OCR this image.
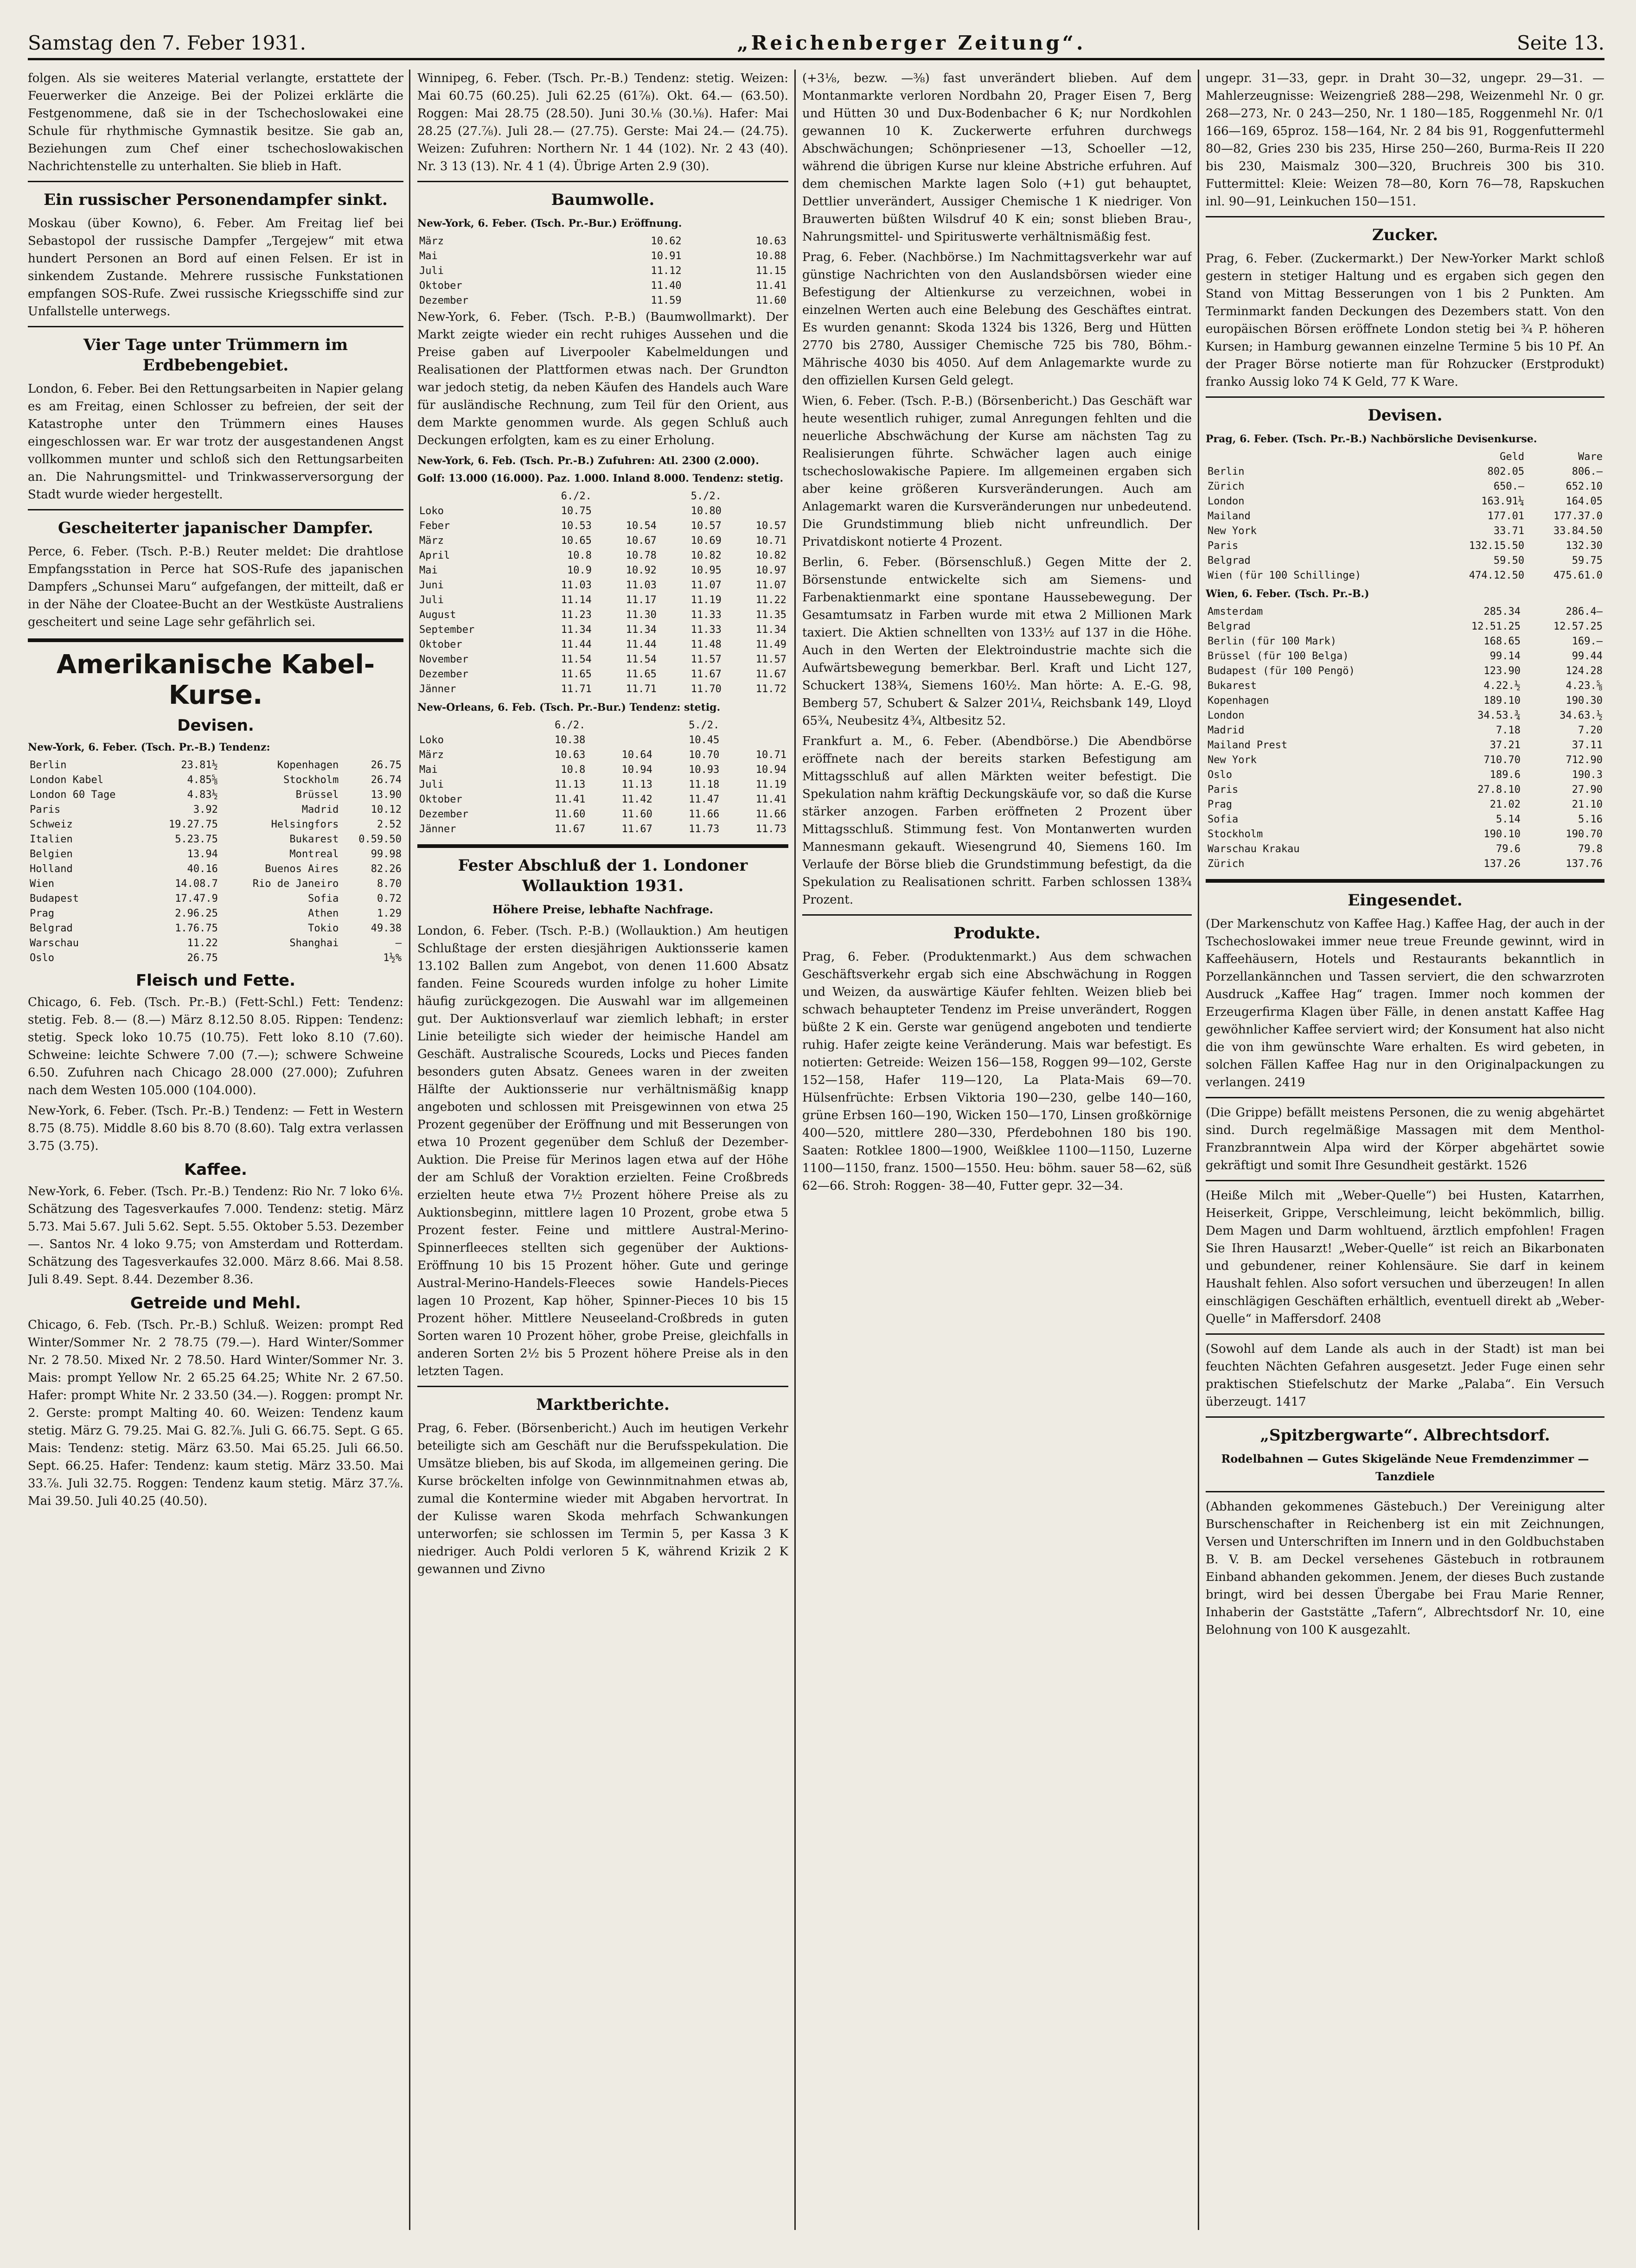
Samstag den 7. Feber 1931.	„Reichenberger Zeitung“.	Seite 13.

folgen. Als sie weiteres Material verlangte, erstattete der Feuerwerker die Anzeige. Bei der Polizei erklärte die Festgenommene, daß sie in der Tschechoslowakei eine Schule für rhythmische Gymnastik besitze. Sie gab an, Beziehungen zum Chef einer tschechoslowakischen Nachrichtenstelle zu unterhalten. Sie blieb in Haft.

Ein russischer Personendampfer sinkt.

Moskau (über Kowno), 6. Feber. Am Freitag lief bei Sebastopol der russische Dampfer „Tergejew“ mit etwa hundert Personen an Bord auf einen Felsen. Er ist in sinkendem Zustande. Mehrere russische Funkstationen empfangen SOS-Rufe. Zwei russische Kriegsschiffe sind zur Unfallstelle unterwegs.

Vier Tage unter Trümmern im Erdbebengebiet.

London, 6. Feber. Bei den Rettungsarbeiten in Napier gelang es am Freitag, einen Schlosser zu befreien, der seit der Katastrophe unter den Trümmern eines Hauses eingeschlossen war. Er war trotz der ausgestandenen Angst vollkommen munter und schloß sich den Rettungsarbeiten an. Die Nahrungsmittel- und Trinkwasserversorgung der Stadt wurde wieder hergestellt.

Gescheiterter japanischer Dampfer.

Perce, 6. Feber. (Tsch. P.-B.) Reuter meldet: Die drahtlose Empfangsstation in Perce hat SOS-Rufe des japanischen Dampfers „Schunsei Maru“ aufgefangen, der mitteilt, daß er in der Nähe der Cloatee-Bucht an der Westküste Australiens gescheitert und seine Lage sehr gefährlich sei.

Amerikanische Kabel-Kurse.
Devisen.
New-York, 6. Feber. (Tsch. Pr.-B.) Tendenz:
Berlin	23.81½	Kopenhagen	26.75
London Kabel	4.85⅝	Stockholm	26.74
London 60 Tage	4.83½	Brüssel	13.90
Paris	3.92	Madrid	10.12
Schweiz	19.27.75	Helsingfors	2.52
Italien	5.23.75	Bukarest	0.59.50
Belgien	13.94	Montreal	99.98
Holland	40.16	Buenos Aires	82.26
Wien	14.08.7	Rio de Janeiro	8.70
Budapest	17.47.9	Sofia	0.72
Prag	2.96.25	Athen	1.29
Belgrad	1.76.75	Tokio	49.38
Warschau	11.22	Shanghai	—
Oslo	26.75		1½%
Fleisch und Fette.

Chicago, 6. Feb. (Tsch. Pr.-B.) (Fett-Schl.) Fett: Tendenz: stetig. Feb. 8.— (8.—) März 8.12.50 8.05. Rippen: Tendenz: stetig. Speck loko 10.75 (10.75). Fett loko 8.10 (7.60). Schweine: leichte Schwere 7.00 (7.—); schwere Schweine 6.50. Zufuhren nach Chicago 28.000 (27.000); Zufuhren nach dem Westen 105.000 (104.000).

New-York, 6. Feber. (Tsch. Pr.-B.) Tendenz: — Fett in Western 8.75 (8.75). Middle 8.60 bis 8.70 (8.60). Talg extra verlassen 3.75 (3.75).

Kaffee.

New-York, 6. Feber. (Tsch. Pr.-B.) Tendenz: Rio Nr. 7 loko 6⅛. Schätzung des Tagesverkaufes 7.000. Tendenz: stetig. März 5.73. Mai 5.67. Juli 5.62. Sept. 5.55. Oktober 5.53. Dezember —. Santos Nr. 4 loko 9.75; von Amsterdam und Rotterdam. Schätzung des Tagesverkaufes 32.000. März 8.66. Mai 8.58. Juli 8.49. Sept. 8.44. Dezember 8.36.

Getreide und Mehl.

Chicago, 6. Feb. (Tsch. Pr.-B.) Schluß. Weizen: prompt Red Winter/Sommer Nr. 2 78.75 (79.—). Hard Winter/Sommer Nr. 2 78.50. Mixed Nr. 2 78.50. Hard Winter/Sommer Nr. 3. Mais: prompt Yellow Nr. 2 65.25 64.25; White Nr. 2 67.50. Hafer: prompt White Nr. 2 33.50 (34.—). Roggen: prompt Nr. 2. Gerste: prompt Malting 40. 60. Weizen: Tendenz kaum stetig. März G. 79.25. Mai G. 82.⅞. Juli G. 66.75. Sept. G 65. Mais: Tendenz: stetig. März 63.50. Mai 65.25. Juli 66.50. Sept. 66.25. Hafer: Tendenz: kaum stetig. März 33.50. Mai 33.⅞. Juli 32.75. Roggen: Tendenz kaum stetig. März 37.⅞. Mai 39.50. Juli 40.25 (40.50).

Winnipeg, 6. Feber. (Tsch. Pr.-B.) Tendenz: stetig. Weizen: Mai 60.75 (60.25). Juli 62.25 (61⅞). Okt. 64.— (63.50). Roggen: Mai 28.75 (28.50). Juni 30.⅛ (30.⅛). Hafer: Mai 28.25 (27.⅞). Juli 28.— (27.75). Gerste: Mai 24.— (24.75). Weizen: Zufuhren: Northern Nr. 1 44 (102). Nr. 2 43 (40). Nr. 3 13 (13). Nr. 4 1 (4). Übrige Arten 2.9 (30).

Baumwolle.
New-York, 6. Feber. (Tsch. Pr.-Bur.) Eröffnung.
März	10.62	10.63
Mai	10.91	10.88
Juli	11.12	11.15
Oktober	11.40	11.41
Dezember	11.59	11.60

New-York, 6. Feber. (Tsch. P.-B.) (Baumwollmarkt). Der Markt zeigte wieder ein recht ruhiges Aussehen und die Preise gaben auf Liverpooler Kabelmeldungen und Realisationen der Plattformen etwas nach. Der Grundton war jedoch stetig, da neben Käufen des Handels auch Ware für ausländische Rechnung, zum Teil für den Orient, aus dem Markte genommen wurde. Als gegen Schluß auch Deckungen erfolgten, kam es zu einer Erholung.

New-York, 6. Feb. (Tsch. Pr.-B.) Zufuhren: Atl. 2300 (2.000). Golf: 13.000 (16.000). Paz. 1.000. Inland 8.000. Tendenz: stetig.
	6./2.		5./2.	
Loko	10.75		10.80	
Feber	10.53	10.54	10.57	10.57
März	10.65	10.67	10.69	10.71
April	10.8	10.78	10.82	10.82
Mai	10.9	10.92	10.95	10.97
Juni	11.03	11.03	11.07	11.07
Juli	11.14	11.17	11.19	11.22
August	11.23	11.30	11.33	11.35
September	11.34	11.34	11.33	11.34
Oktober	11.44	11.44	11.48	11.49
November	11.54	11.54	11.57	11.57
Dezember	11.65	11.65	11.67	11.67
Jänner	11.71	11.71	11.70	11.72
New-Orleans, 6. Feb. (Tsch. Pr.-Bur.) Tendenz: stetig.
	6./2.		5./2.	
Loko	10.38		10.45	
März	10.63	10.64	10.70	10.71
Mai	10.8	10.94	10.93	10.94
Juli	11.13	11.13	11.18	11.19
Oktober	11.41	11.42	11.47	11.41
Dezember	11.60	11.60	11.66	11.66
Jänner	11.67	11.67	11.73	11.73
Fester Abschluß der 1. Londoner Wollauktion 1931.
Höhere Preise, lebhafte Nachfrage.

London, 6. Feber. (Tsch. P.-B.) (Wollauktion.) Am heutigen Schlußtage der ersten diesjährigen Auktionsserie kamen 13.102 Ballen zum Angebot, von denen 11.600 Absatz fanden. Feine Scoureds wurden infolge zu hoher Limite häufig zurückgezogen. Die Auswahl war im allgemeinen gut. Der Auktionsverlauf war ziemlich lebhaft; in erster Linie beteiligte sich wieder der heimische Handel am Geschäft. Australische Scoureds, Locks und Pieces fanden besonders guten Absatz. Genees waren in der zweiten Hälfte der Auktionsserie nur verhältnismäßig knapp angeboten und schlossen mit Preisgewinnen von etwa 25 Prozent gegenüber der Eröffnung und mit Besserungen von etwa 10 Prozent gegenüber dem Schluß der Dezember-Auktion. Die Preise für Merinos lagen etwa auf der Höhe der am Schluß der Voraktion erzielten. Feine Croßbreds erzielten heute etwa 7½ Prozent höhere Preise als zu Auktionsbeginn, mittlere lagen 10 Prozent, grobe etwa 5 Prozent fester. Feine und mittlere Austral-Merino-Spinnerfleeces stellten sich gegenüber der Auktions-Eröffnung 10 bis 15 Prozent höher. Gute und geringe Austral-Merino-Handels-Fleeces sowie Handels-Pieces lagen 10 Prozent, Kap höher, Spinner-Pieces 10 bis 15 Prozent höher. Mittlere Neuseeland-Croßbreds in guten Sorten waren 10 Prozent höher, grobe Preise, gleichfalls in anderen Sorten 2½ bis 5 Prozent höhere Preise als in den letzten Tagen.

Marktberichte.

Prag, 6. Feber. (Börsenbericht.) Auch im heutigen Verkehr beteiligte sich am Geschäft nur die Berufsspekulation. Die Umsätze blieben, bis auf Skoda, im allgemeinen gering. Die Kurse bröckelten infolge von Gewinnmitnahmen etwas ab, zumal die Kontermine wieder mit Abgaben hervortrat. In der Kulisse waren Skoda mehrfach Schwankungen unterworfen; sie schlossen im Termin 5, per Kassa 3 K niedriger. Auch Poldi verloren 5 K, während Krizik 2 K gewannen und Zivno

(+3⅛, bezw. —⅜) fast unverändert blieben. Auf dem Montanmarkte verloren Nordbahn 20, Prager Eisen 7, Berg und Hütten 30 und Dux-Bodenbacher 6 K; nur Nordkohlen gewannen 10 K. Zuckerwerte erfuhren durchwegs Abschwächungen; Schönpriesener —13, Schoeller —12, während die übrigen Kurse nur kleine Abstriche erfuhren. Auf dem chemischen Markte lagen Solo (+1) gut behauptet, Dettlier unverändert, Aussiger Chemische 1 K niedriger. Von Brauwerten büßten Wilsdruf 40 K ein; sonst blieben Brau-, Nahrungsmittel- und Spirituswerte verhältnismäßig fest.

Prag, 6. Feber. (Nachbörse.) Im Nachmittagsverkehr war auf günstige Nachrichten von den Auslandsbörsen wieder eine Befestigung der Altienkurse zu verzeichnen, wobei in einzelnen Werten auch eine Belebung des Geschäftes eintrat. Es wurden genannt: Skoda 1324 bis 1326, Berg und Hütten 2770 bis 2780, Aussiger Chemische 725 bis 780, Böhm.-Mährische 4030 bis 4050. Auf dem Anlagemarkte wurde zu den offiziellen Kursen Geld gelegt.

Wien, 6. Feber. (Tsch. P.-B.) (Börsenbericht.) Das Geschäft war heute wesentlich ruhiger, zumal Anregungen fehlten und die neuerliche Abschwächung der Kurse am nächsten Tag zu Realisierungen führte. Schwächer lagen auch einige tschechoslowakische Papiere. Im allgemeinen ergaben sich aber keine größeren Kursveränderungen. Auch am Anlagemarkt waren die Kursveränderungen nur unbedeutend. Die Grundstimmung blieb nicht unfreundlich. Der Privatdiskont notierte 4 Prozent.

Berlin, 6. Feber. (Börsenschluß.) Gegen Mitte der 2. Börsenstunde entwickelte sich am Siemens- und Farbenaktienmarkt eine spontane Haussebewegung. Der Gesamtumsatz in Farben wurde mit etwa 2 Millionen Mark taxiert. Die Aktien schnellten von 133½ auf 137 in die Höhe. Auch in den Werten der Elektroindustrie machte sich die Aufwärtsbewegung bemerkbar. Berl. Kraft und Licht 127, Schuckert 138¾, Siemens 160½. Man hörte: A. E.-G. 98, Bemberg 57, Schubert & Salzer 201¼, Reichsbank 149, Lloyd 65¾, Neubesitz 4¾, Altbesitz 52.

Frankfurt a. M., 6. Feber. (Abendbörse.) Die Abendbörse eröffnete nach der bereits starken Befestigung am Mittagsschluß auf allen Märkten weiter befestigt. Die Spekulation nahm kräftig Deckungskäufe vor, so daß die Kurse stärker anzogen. Farben eröffneten 2 Prozent über Mittagsschluß. Stimmung fest. Von Montanwerten wurden Mannesmann gekauft. Wiesengrund 40, Siemens 160. Im Verlaufe der Börse blieb die Grundstimmung befestigt, da die Spekulation zu Realisationen schritt. Farben schlossen 138¾ Prozent.

Produkte.

Prag, 6. Feber. (Produktenmarkt.) Aus dem schwachen Geschäftsverkehr ergab sich eine Abschwächung in Roggen und Weizen, da auswärtige Käufer fehlten. Weizen blieb bei schwach behaupteter Tendenz im Preise unverändert, Roggen büßte 2 K ein. Gerste war genügend angeboten und tendierte ruhig. Hafer zeigte keine Veränderung. Mais war befestigt. Es notierten: Getreide: Weizen 156—158, Roggen 99—102, Gerste 152—158, Hafer 119—120, La Plata-Mais 69—70. Hülsenfrüchte: Erbsen Viktoria 190—230, gelbe 140—160, grüne Erbsen 160—190, Wicken 150—170, Linsen großkörnige 400—520, mittlere 280—330, Pferdebohnen 180 bis 190. Saaten: Rotklee 1800—1900, Weißklee 1100—1150, Luzerne 1100—1150, franz. 1500—1550. Heu: böhm. sauer 58—62, süß 62—66. Stroh: Roggen- 38—40, Futter gepr. 32—34.

ungepr. 31—33, gepr. in Draht 30—32, ungepr. 29—31. — Mahlerzeugnisse: Weizengrieß 288—298, Weizenmehl Nr. 0 gr. 268—273, Nr. 0 243—250, Nr. 1 180—185, Roggenmehl Nr. 0/1 166—169, 65proz. 158—164, Nr. 2 84 bis 91, Roggenfuttermehl 80—82, Gries 230 bis 235, Hirse 250—260, Burma-Reis II 220 bis 230, Maismalz 300—320, Bruchreis 300 bis 310. Futtermittel: Kleie: Weizen 78—80, Korn 76—78, Rapskuchen inl. 90—91, Leinkuchen 150—151.

Zucker.

Prag, 6. Feber. (Zuckermarkt.) Der New-Yorker Markt schloß gestern in stetiger Haltung und es ergaben sich gegen den Stand von Mittag Besserungen von 1 bis 2 Punkten. Am Terminmarkt fanden Deckungen des Dezembers statt. Von den europäischen Börsen eröffnete London stetig bei ¾ P. höheren Kursen; in Hamburg gewannen einzelne Termine 5 bis 10 Pf. An der Prager Börse notierte man für Rohzucker (Erstprodukt) franko Aussig loko 74 K Geld, 77 K Ware.

Devisen.
Prag, 6. Feber. (Tsch. Pr.-B.) Nachbörsliche Devisenkurse.
	Geld	Ware
Berlin	802.05	806.—
Zürich	650.—	652.10
London	163.91¼	164.05
Mailand	177.01	177.37.0
New York	33.71	33.84.50
Paris	132.15.50	132.30
Belgrad	59.50	59.75
Wien (für 100 Schillinge)	474.12.50	475.61.0
Wien, 6. Feber. (Tsch. Pr.-B.)
Amsterdam	285.34	286.4—
Belgrad	12.51.25	12.57.25
Berlin (für 100 Mark)	168.65	169.—
Brüssel (für 100 Belga)	99.14	99.44
Budapest (für 100 Pengö)	123.90	124.28
Bukarest	4.22.½	4.23.⅝
Kopenhagen	189.10	190.30
London	34.53.¾	34.63.½
Madrid	7.18	7.20
Mailand Prest	37.21	37.11
New York	710.70	712.90
Oslo	189.6	190.3
Paris	27.8.10	27.90
Prag	21.02	21.10
Sofia	5.14	5.16
Stockholm	190.10	190.70
Warschau Krakau	79.6	79.8
Zürich	137.26	137.76
Eingesendet.

(Der Markenschutz von Kaffee Hag.) Kaffee Hag, der auch in der Tschechoslowakei immer neue treue Freunde gewinnt, wird in Kaffeehäusern, Hotels und Restaurants bekanntlich in Porzellankännchen und Tassen serviert, die den schwarzroten Ausdruck „Kaffee Hag“ tragen. Immer noch kommen der Erzeugerfirma Klagen über Fälle, in denen anstatt Kaffee Hag gewöhnlicher Kaffee serviert wird; der Konsument hat also nicht die von ihm gewünschte Ware erhalten. Es wird gebeten, in solchen Fällen Kaffee Hag nur in den Originalpackungen zu verlangen. 2419

(Die Grippe) befällt meistens Personen, die zu wenig abgehärtet sind. Durch regelmäßige Massagen mit dem Menthol-Franzbranntwein Alpa wird der Körper abgehärtet sowie gekräftigt und somit Ihre Gesundheit gestärkt. 1526

(Heiße Milch mit „Weber-Quelle“) bei Husten, Katarrhen, Heiserkeit, Grippe, Verschleimung, leicht bekömmlich, billig. Dem Magen und Darm wohltuend, ärztlich empfohlen! Fragen Sie Ihren Hausarzt! „Weber-Quelle“ ist reich an Bikarbonaten und gebundener, reiner Kohlensäure. Sie darf in keinem Haushalt fehlen. Also sofort versuchen und überzeugen! In allen einschlägigen Geschäften erhältlich, eventuell direkt ab „Weber-Quelle“ in Maffersdorf. 2408

(Sowohl auf dem Lande als auch in der Stadt) ist man bei feuchten Nächten Gefahren ausgesetzt. Jeder Fuge einen sehr praktischen Stiefelschutz der Marke „Palaba“. Ein Versuch überzeugt. 1417

„Spitzbergwarte“. Albrechtsdorf.
Rodelbahnen — Gutes Skigelände Neue Fremdenzimmer — Tanzdiele

(Abhanden gekommenes Gästebuch.) Der Vereinigung alter Burschenschafter in Reichenberg ist ein mit Zeichnungen, Versen und Unterschriften im Innern und in den Goldbuchstaben B. V. B. am Deckel versehenes Gästebuch in rotbraunem Einband abhanden gekommen. Jenem, der dieses Buch zustande bringt, wird bei dessen Übergabe bei Frau Marie Renner, Inhaberin der Gaststätte „Tafern“, Albrechtsdorf Nr. 10, eine Belohnung von 100 K ausgezahlt.
